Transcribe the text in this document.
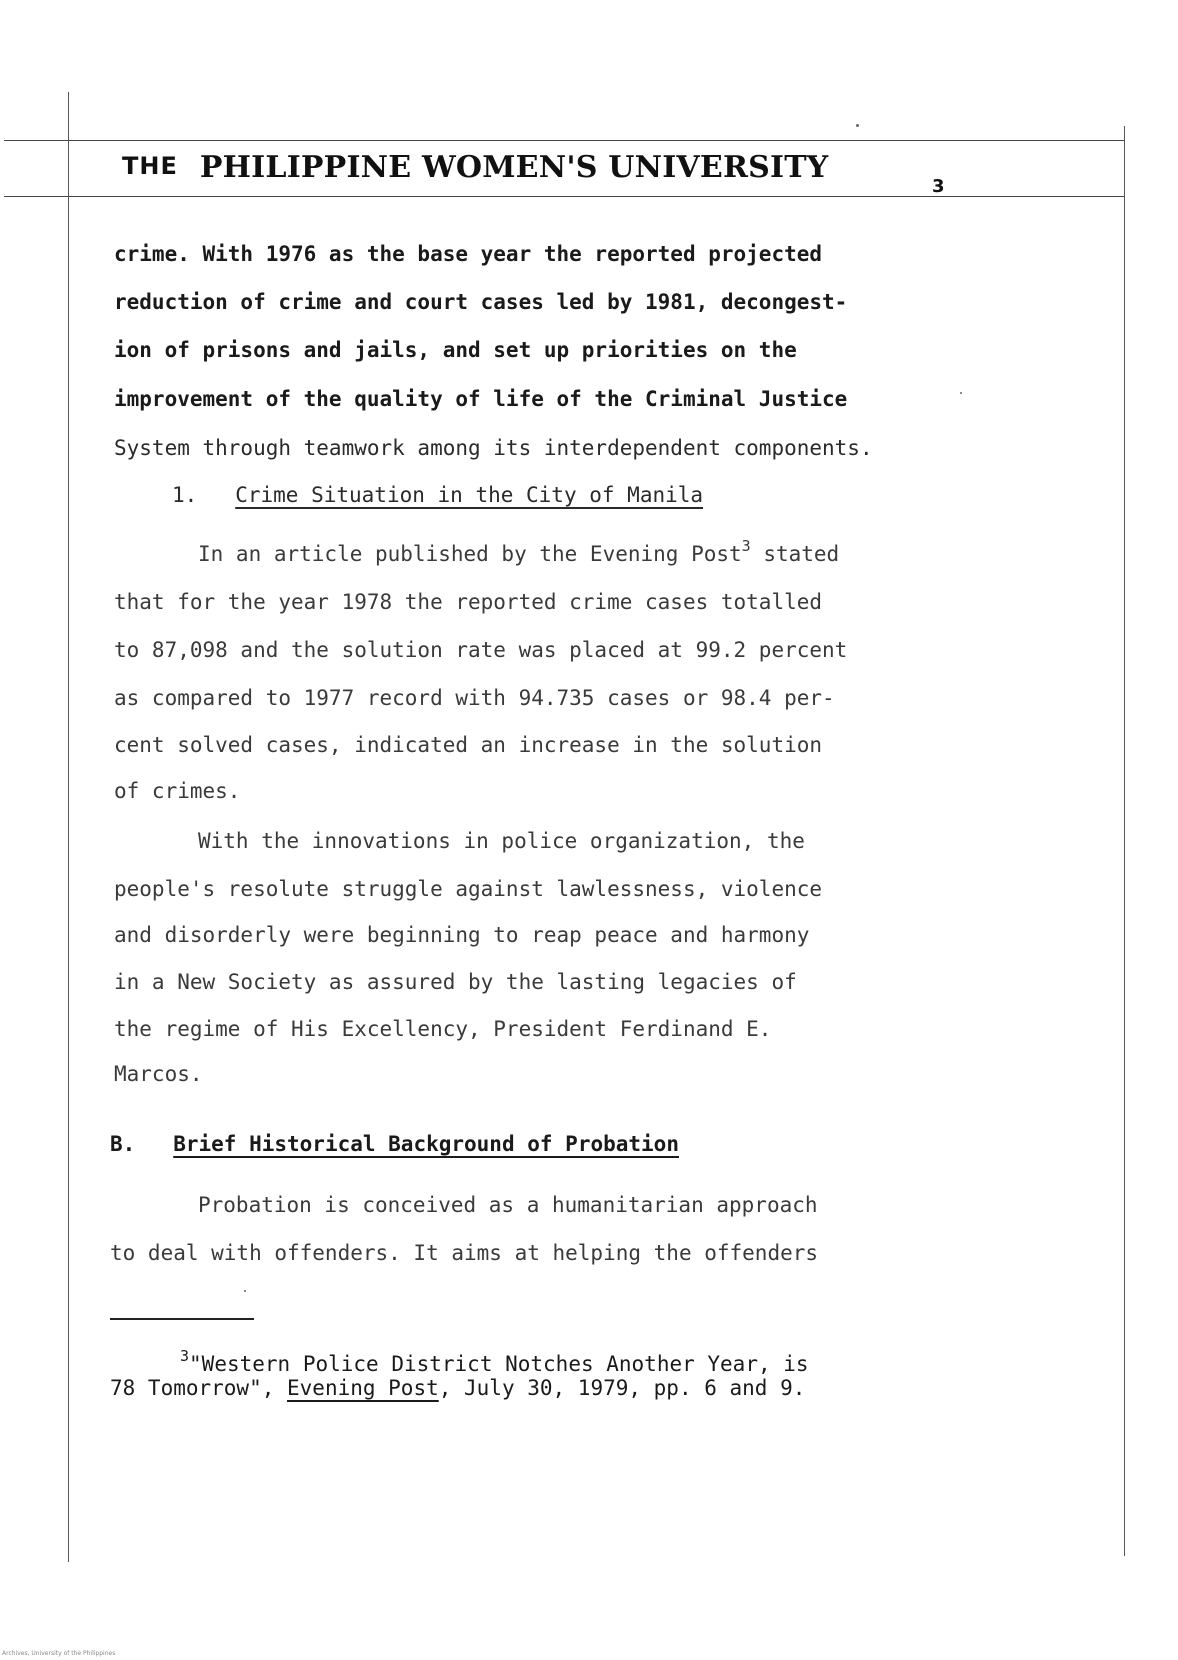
THE PHILIPPINE WOMEN'S UNIVERSITY
3
crime. With 1976 as the base year the reported projected
reduction of crime and court cases led by 1981, decongest-
ion of prisons and jails, and set up priorities on the
improvement of the quality of life of the Criminal Justice
System through teamwork among its interdependent components.
1. Crime Situation in the City of Manila
In an article published by the Evening Post$^3$ stated
that for the year 1978 the reported crime cases totalled
to 87,098 and the solution rate was placed at 99.2 percent
as compared to 1977 record with 94.735 cases or 98.4 per-
cent solved cases, indicated an increase in the solution
of crimes.
With the innovations in police organization, the
people's resolute struggle against lawlessness, violence
and disorderly were beginning to reap peace and harmony
in a New Society as assured by the lasting legacies of
the regime of His Excellency, President Ferdinand E.
Marcos.
B. Brief Historical Background of Probation
Probation is conceived as a humanitarian approach
to deal with offenders. It aims at helping the offenders
$^3$"Western Police District Notches Another Year, is
78 Tomorrow", Evening Post, July 30, 1979, pp. 6 and 9.
Archives, University of the Philippines
